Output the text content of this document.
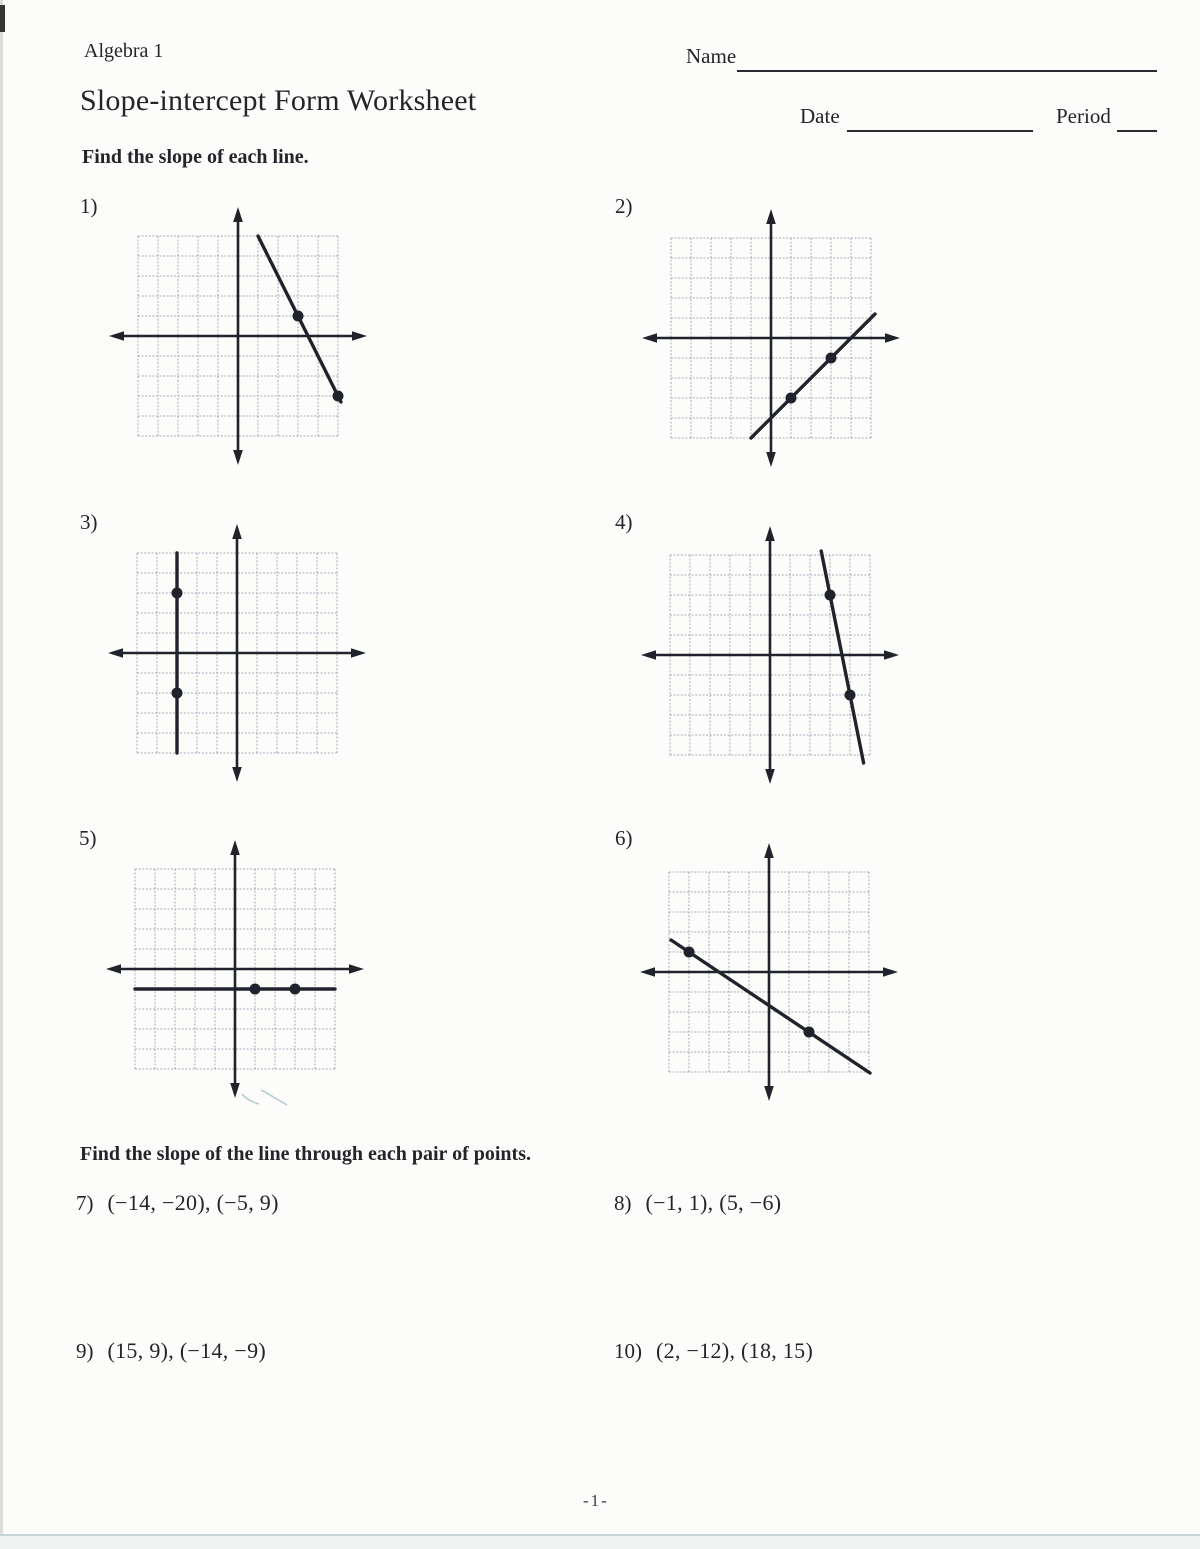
Algebra 1	Name
Slope-intercept Form Worksheet	Date	Period
Find the slope of each line.
1)	2)
3)	4)
5)	6)
Find the slope of the line through each pair of points.
7) (−14, −20), (−5, 9)	8) (−1, 1), (5, −6)
9) (15, 9), (−14, −9)	10) (2, −12), (18, 15)
-1-
